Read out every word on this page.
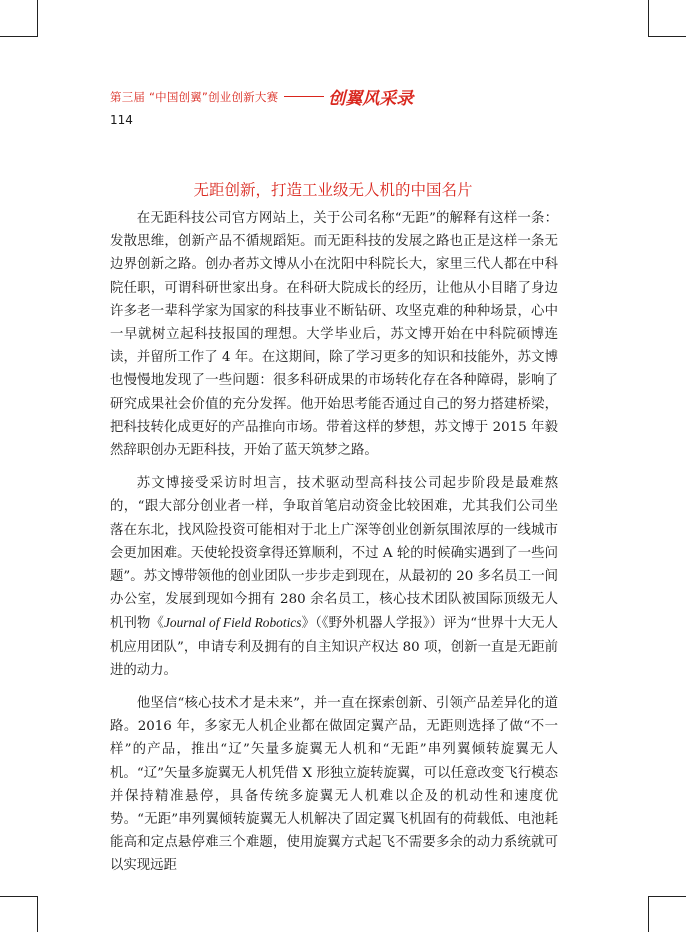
第三届 “中国创翼”创业创新大赛	创翼风采录
114
无距创新，打造工业级无人机的中国名片

在无距科技公司官方网站上，关于公司名称“无距”的解释有这样一条：发散思维，创新产品不循规蹈矩。而无距科技的发展之路也正是这样一条无边界创新之路。创办者苏文博从小在沈阳中科院长大，家里三代人都在中科院任职，可谓科研世家出身。在科研大院成长的经历，让他从小目睹了身边许多老一辈科学家为国家的科技事业不断钻研、攻坚克难的种种场景，心中一早就树立起科技报国的理想。大学毕业后，苏文博开始在中科院硕博连读，并留所工作了 4 年。在这期间，除了学习更多的知识和技能外，苏文博也慢慢地发现了一些问题：很多科研成果的市场转化存在各种障碍，影响了研究成果社会价值的充分发挥。他开始思考能否通过自己的努力搭建桥梁，把科技转化成更好的产品推向市场。带着这样的梦想，苏文博于 2015 年毅然辞职创办无距科技，开始了蓝天筑梦之路。

苏文博接受采访时坦言，技术驱动型高科技公司起步阶段是最难熬的，“跟大部分创业者一样，争取首笔启动资金比较困难，尤其我们公司坐落在东北，找风险投资可能相对于北上广深等创业创新氛围浓厚的一线城市会更加困难。天使轮投资拿得还算顺利，不过 A 轮的时候确实遇到了一些问题”。苏文博带领他的创业团队一步步走到现在，从最初的 20 多名员工一间办公室，发展到现如今拥有 280 余名员工，核心技术团队被国际顶级无人机刊物《Journal of Field Robotics》（《野外机器人学报》）评为“世界十大无人机应用团队”，申请专利及拥有的自主知识产权达 80 项，创新一直是无距前进的动力。

他坚信“核心技术才是未来”，并一直在探索创新、引领产品差异化的道路。2016 年，多家无人机企业都在做固定翼产品，无距则选择了做“不一样”的产品，推出“辽”矢量多旋翼无人机和“无距”串列翼倾转旋翼无人机。“辽”矢量多旋翼无人机凭借 X 形独立旋转旋翼，可以任意改变飞行模态并保持精准悬停，具备传统多旋翼无人机难以企及的机动性和速度优势。“无距”串列翼倾转旋翼无人机解决了固定翼飞机固有的荷载低、电池耗能高和定点悬停难三个难题，使用旋翼方式起飞不需要多余的动力系统就可以实现远距
